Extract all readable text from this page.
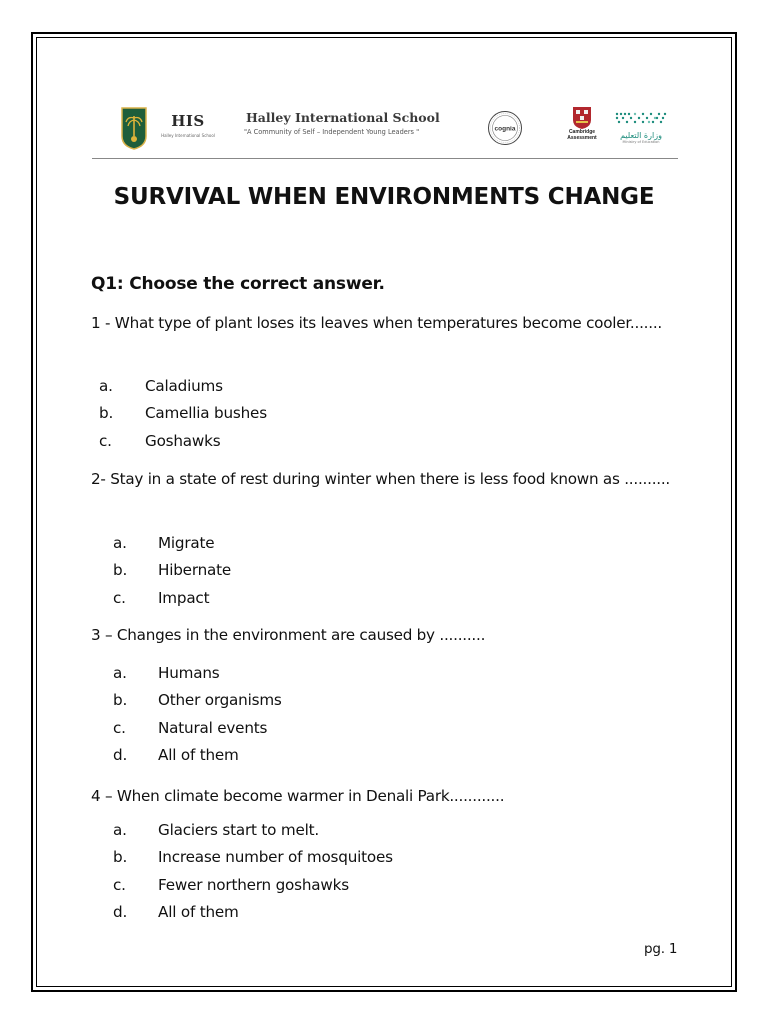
HIS
Halley International School
Halley International School
"A Community of Self – Independent Young Leaders "	cognia	Cambridge
Assessment	وزارة التعليم
Ministry of Education
SURVIVAL WHEN ENVIRONMENTS CHANGE
Q1: Choose the correct answer.
1 - What type of plant loses its leaves when temperatures become cooler.......
a. Caladiums
b. Camellia bushes
c. Goshawks
2- Stay in a state of rest during winter when there is less food known as ..........
a. Migrate
b. Hibernate
c. Impact
3 – Changes in the environment are caused by ..........
a. Humans
b. Other organisms
c. Natural events
d. All of them
4 – When climate become warmer in Denali Park............
a. Glaciers start to melt.
b. Increase number of mosquitoes
c. Fewer northern goshawks
d. All of them
pg. 1
